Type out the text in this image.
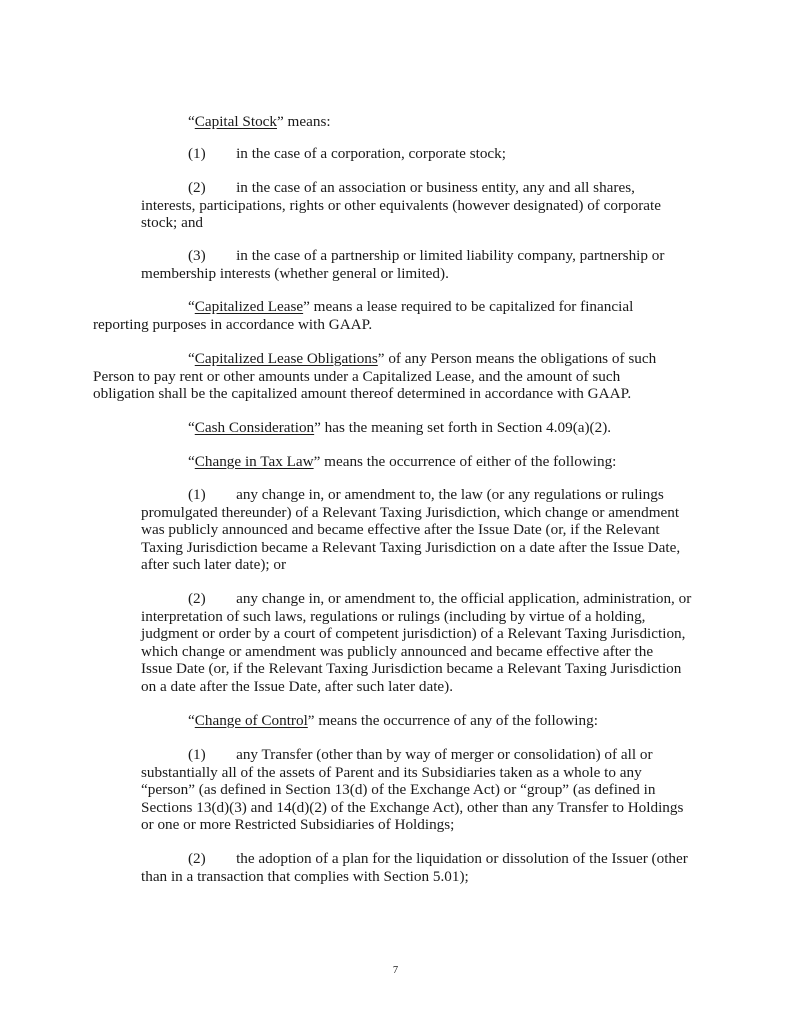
“Capital Stock” means:

(1)        in the case of a corporation, corporate stock;

(2)        in the case of an association or business entity, any and all shares,
interests, participations, rights or other equivalents (however designated) of corporate
stock; and

(3)        in the case of a partnership or limited liability company, partnership or
membership interests (whether general or limited).

“Capitalized Lease” means a lease required to be capitalized for financial
reporting purposes in accordance with GAAP.

“Capitalized Lease Obligations” of any Person means the obligations of such
Person to pay rent or other amounts under a Capitalized Lease, and the amount of such
obligation shall be the capitalized amount thereof determined in accordance with GAAP.

“Cash Consideration” has the meaning set forth in Section 4.09(a)(2).

“Change in Tax Law” means the occurrence of either of the following:

(1)        any change in, or amendment to, the law (or any regulations or rulings
promulgated thereunder) of a Relevant Taxing Jurisdiction, which change or amendment
was publicly announced and became effective after the Issue Date (or, if the Relevant
Taxing Jurisdiction became a Relevant Taxing Jurisdiction on a date after the Issue Date,
after such later date); or

(2)        any change in, or amendment to, the official application, administration, or
interpretation of such laws, regulations or rulings (including by virtue of a holding,
judgment or order by a court of competent jurisdiction) of a Relevant Taxing Jurisdiction,
which change or amendment was publicly announced and became effective after the
Issue Date (or, if the Relevant Taxing Jurisdiction became a Relevant Taxing Jurisdiction
on a date after the Issue Date, after such later date).

“Change of Control” means the occurrence of any of the following:

(1)        any Transfer (other than by way of merger or consolidation) of all or
substantially all of the assets of Parent and its Subsidiaries taken as a whole to any
“person” (as defined in Section 13(d) of the Exchange Act) or “group” (as defined in
Sections 13(d)(3) and 14(d)(2) of the Exchange Act), other than any Transfer to Holdings
or one or more Restricted Subsidiaries of Holdings;

(2)        the adoption of a plan for the liquidation or dissolution of the Issuer (other
than in a transaction that complies with Section 5.01);

7
